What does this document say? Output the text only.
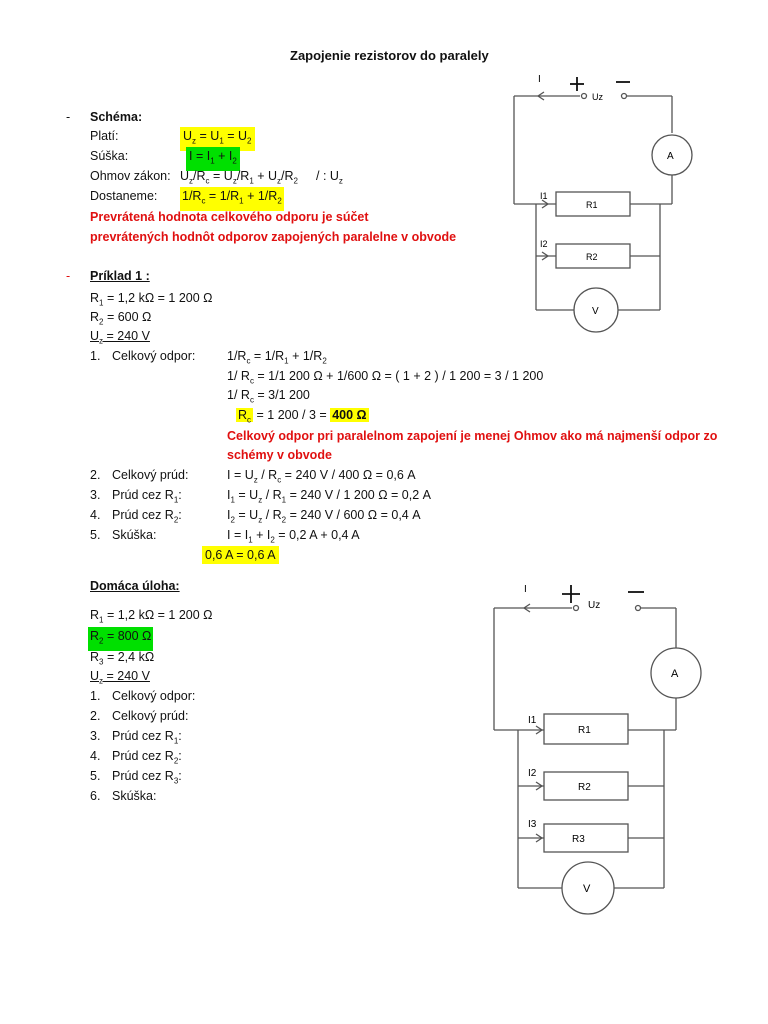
Zapojenie rezistorov do paralely
- Schéma:
Platí:	$U_z = U_1 = U_2$
Súška:	$I = I_1 + I_2$
Ohmov zákon: $U_z/R_c = U_z/R_1 + U_z/R_2$ / : $U_z$
Dostaneme: $1/R_c = 1/R_1 + 1/R_2$
Prevrátená hodnota celkového odporu je súčet
prevrátených hodnôt odporov zapojených paralelne v obvode
- Príklad 1 :
$R_1 = 1,2$ kΩ = 1 200 Ω
$R_2 = 600$ Ω
$U_z = 240$ V
1. Celkový odpor:	$1/R_c = 1/R_1 + 1/R_2$
1/ $R_c = 1/1$ 200 Ω + 1/600 Ω = ( 1 + 2 ) / 1 200 = 3 / 1 200
1/ $R_c = 3/1$ 200
$R_c = 1$ 200 / 3 = 400 Ω
Celkový odpor pri paralelnom zapojení je menej Ohmov ako má najmenší odpor zo
schémy v obvode
2. Celkový prúd:	$I = U_z / R_c = 240$ V / 400 Ω = 0,6 A
3. Prúd cez $R_1$:	$I_1 = U_z / R_1 = 240$ V / 1 200 Ω = 0,2 A
4. Prúd cez $R_2$:	$I_2 = U_z / R_2 = 240$ V / 600 Ω = 0,4 A
5. Skúška:	$I = I_1 + I_2 = 0,2$ A + 0,4 A
0,6 A = 0,6 A
Domáca úloha:
$R_1 = 1,2$ kΩ = 1 200 Ω
$R_2 = 800$ Ω
$R_3 = 2,4$ kΩ
$U_z = 240$ V
1. Celkový odpor:
2. Celkový prúd:
3. Prúd cez $R_1$:
4. Prúd cez $R_2$:
5. Prúd cez $R_3$:
6. Skúška:
I
Uz
A
I1
R1
I2
R2
V
I
Uz
A
I1
R1
I2
R2
I3
R3
V
